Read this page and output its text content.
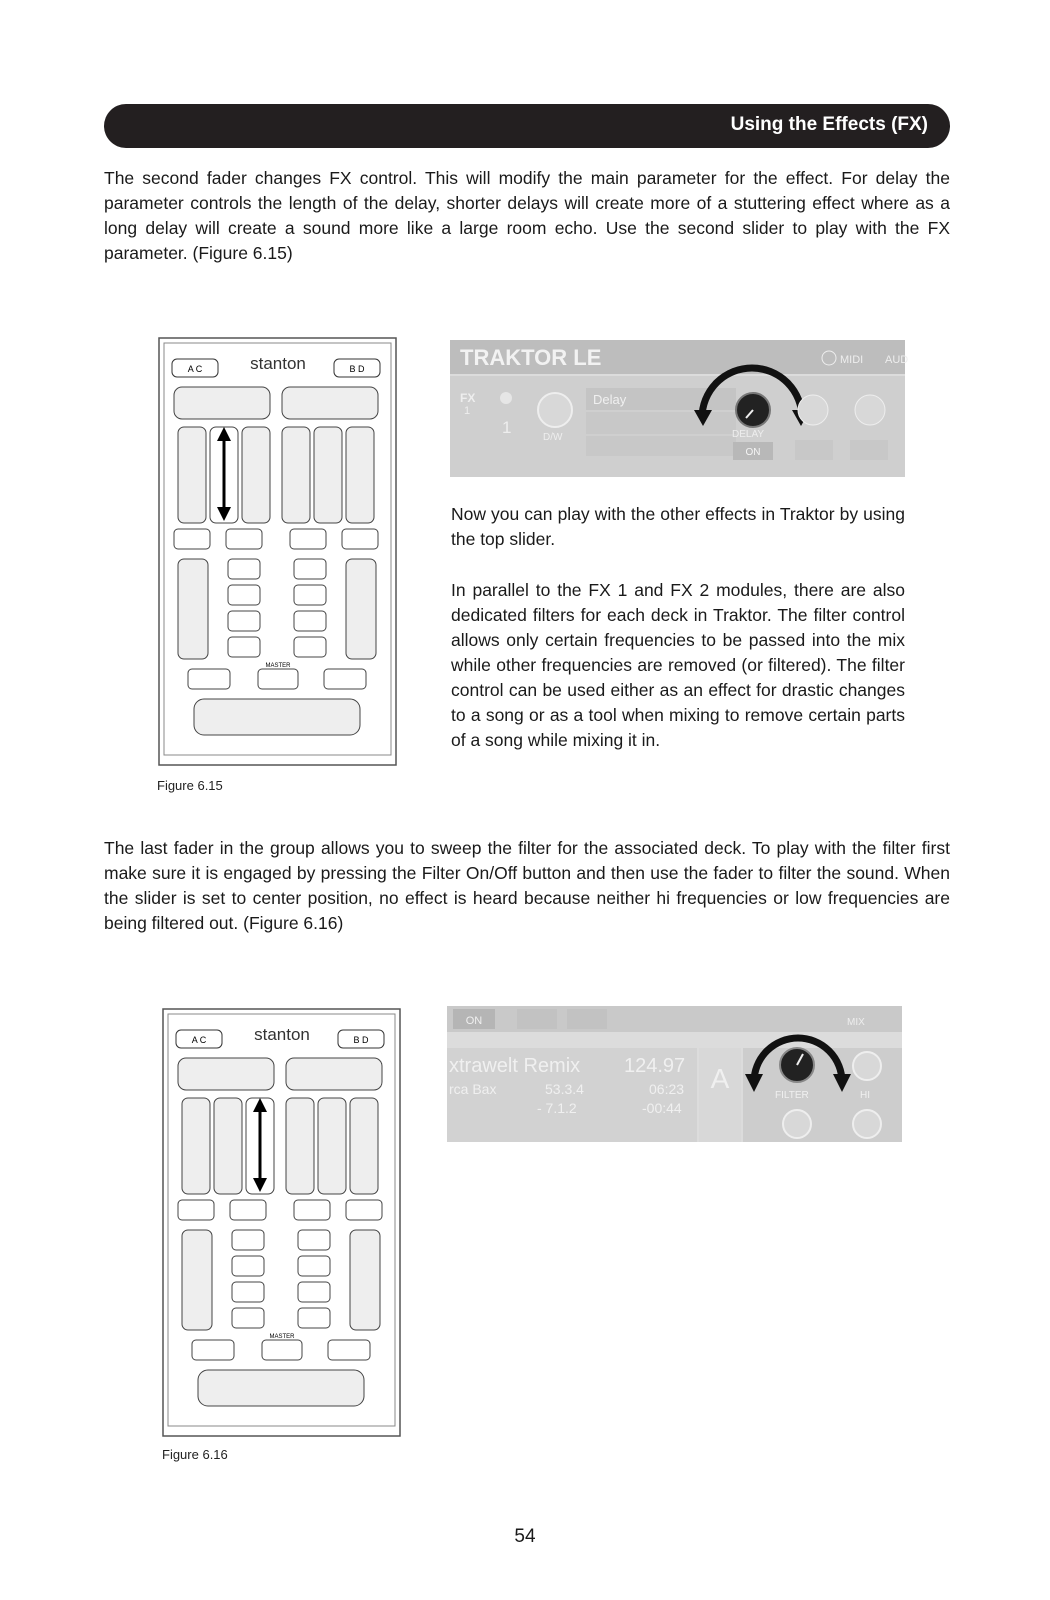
Using the Effects (FX)

The second fader changes FX control. This will modify the main parameter for the effect. For delay the parameter controls the length of the delay, shorter delays will create more of a stuttering effect where as a long delay will create a sound more like a large room echo. Use the second slider to play with the FX parameter. (Figure 6.15)

A C	stanton	B D
MASTER
Figure 6.15
TRAKTOR LE	MIDI AUD
FX
1
1
D/W
Delay
DELAY
ON

Now you can play with the other effects in Traktor by using the top slider.

In parallel to the FX 1 and FX 2 modules, there are also dedicated filters for each deck in Traktor. The filter control allows only certain frequencies to be passed into the mix while other frequencies are removed (or filtered). The filter control can be used either as an effect for drastic changes to a song or as a tool when mixing to remove certain parts of a song while mixing it in.

The last fader in the group allows you to sweep the filter for the associated deck. To play with the filter first make sure it is engaged by pressing the Filter On/Off button and then use the fader to filter the sound. When the slider is set to center position, no effect is heard because neither hi frequencies or low frequencies are being filtered out. (Figure 6.16)

A C	stanton	B D
MASTER
Figure 6.16
ON	MIX
xtrawelt Remix 124.97
rca Bax	53.3.4	06:23
- 7.1.2	-00:44
A
FILTER	HI
54
